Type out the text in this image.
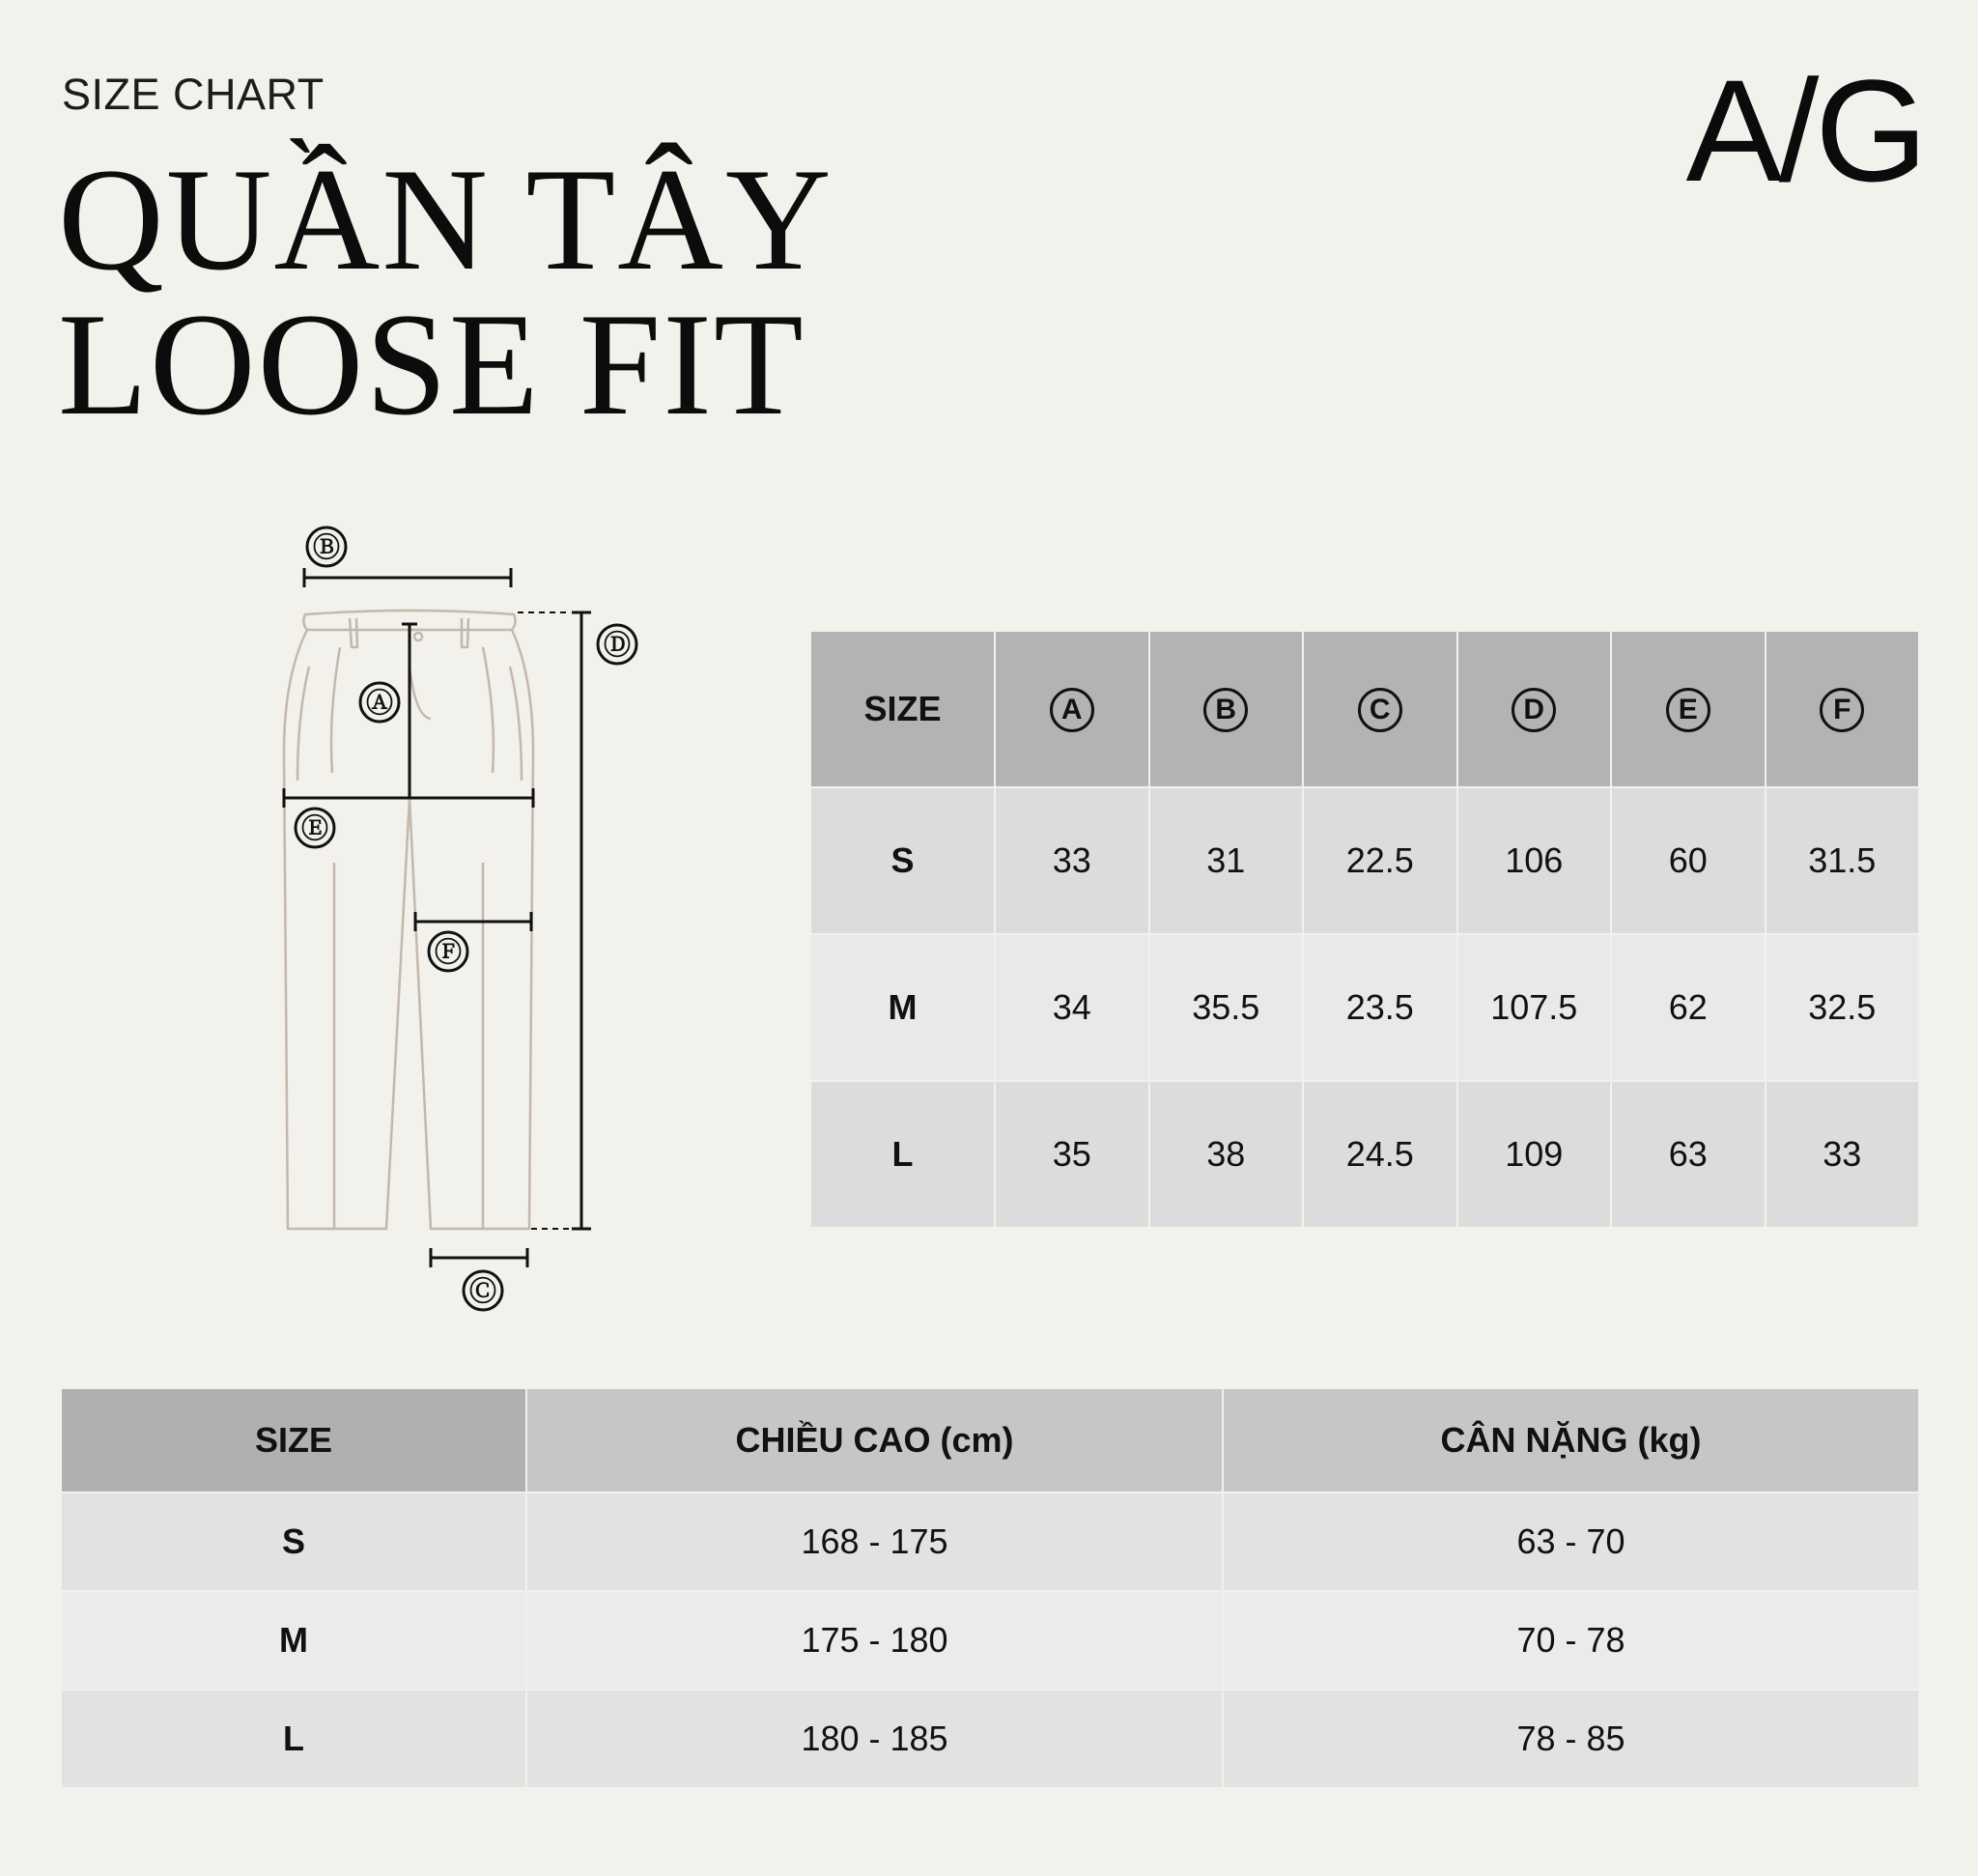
SIZE CHART
QUẦN TÂY
LOOSE FIT
A/G
Ⓐ
Ⓑ
Ⓒ
Ⓓ
Ⓔ
Ⓕ
SIZE	A	B	C	D	E	F
S	33	31	22.5	106	60	31.5
M	34	35.5	23.5	107.5	62	32.5
L	35	38	24.5	109	63	33
SIZE	CHIỀU CAO (cm)	CÂN NẶNG (kg)
S	168 - 175	63 - 70
M	175 - 180	70 - 78
L	180 - 185	78 - 85
